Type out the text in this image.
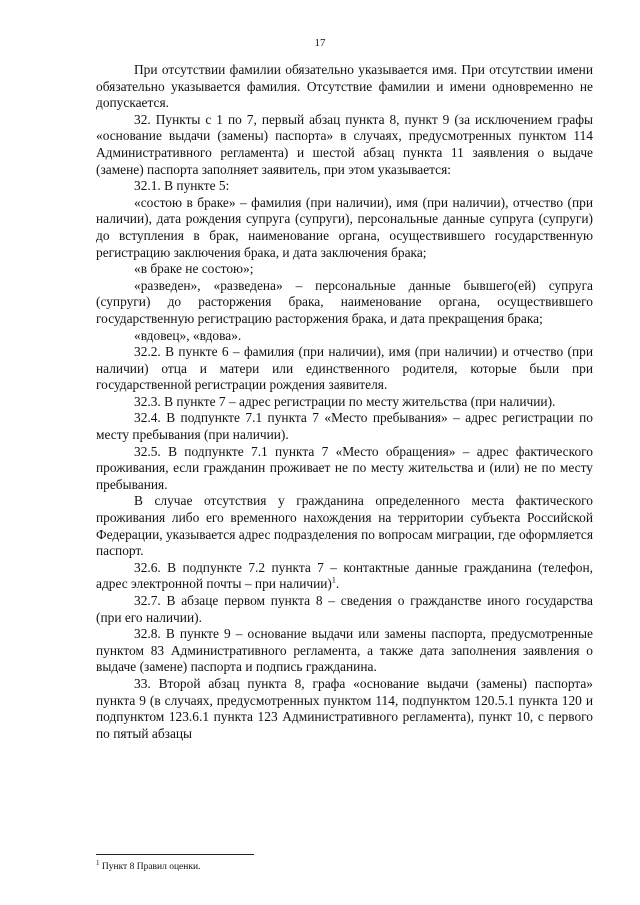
17

При отсутствии фамилии обязательно указывается имя. При отсутствии имени обязательно указывается фамилия. Отсутствие фамилии и имени одновременно не допускается.

32. Пункты с 1 по 7, первый абзац пункта 8, пункт 9 (за исключением графы «основание выдачи (замены) паспорта» в случаях, предусмотренных пунктом 114 Административного регламента) и шестой абзац пункта 11 заявления о выдаче (замене) паспорта заполняет заявитель, при этом указывается:

32.1. В пункте 5:

«состою в браке» – фамилия (при наличии), имя (при наличии), отчество (при наличии), дата рождения супруга (супруги), персональные данные супруга (супруги) до вступления в брак, наименование органа, осуществившего государственную регистрацию заключения брака, и дата заключения брака;

«в браке не состою»;

«разведен», «разведена» – персональные данные бывшего(ей) супруга (супруги) до расторжения брака, наименование органа, осуществившего государственную регистрацию расторжения брака, и дата прекращения брака;

«вдовец», «вдова».

32.2. В пункте 6 – фамилия (при наличии), имя (при наличии) и отчество (при наличии) отца и матери или единственного родителя, которые были при государственной регистрации рождения заявителя.

32.3. В пункте 7 – адрес регистрации по месту жительства (при наличии).

32.4. В подпункте 7.1 пункта 7 «Место пребывания» – адрес регистрации по месту пребывания (при наличии).

32.5. В подпункте 7.1 пункта 7 «Место обращения» – адрес фактического проживания, если гражданин проживает не по месту жительства и (или) не по месту пребывания.

В случае отсутствия у гражданина определенного места фактического проживания либо его временного нахождения на территории субъекта Российской Федерации, указывается адрес подразделения по вопросам миграции, где оформляется паспорт.

32.6. В подпункте 7.2 пункта 7 – контактные данные гражданина (телефон, адрес электронной почты – при наличии)$^1$.

32.7. В абзаце первом пункта 8 – сведения о гражданстве иного государства (при его наличии).

32.8. В пункте 9 – основание выдачи или замены паспорта, предусмотренные пунктом 83 Административного регламента, а также дата заполнения заявления о выдаче (замене) паспорта и подпись гражданина.

33. Второй абзац пункта 8, графа «основание выдачи (замены) паспорта» пункта 9 (в случаях, предусмотренных пунктом 114, подпунктом 120.5.1 пункта 120 и подпунктом 123.6.1 пункта 123 Административного регламента), пункт 10, с первого по пятый абзацы

$^1$ Пункт 8 Правил оценки.
